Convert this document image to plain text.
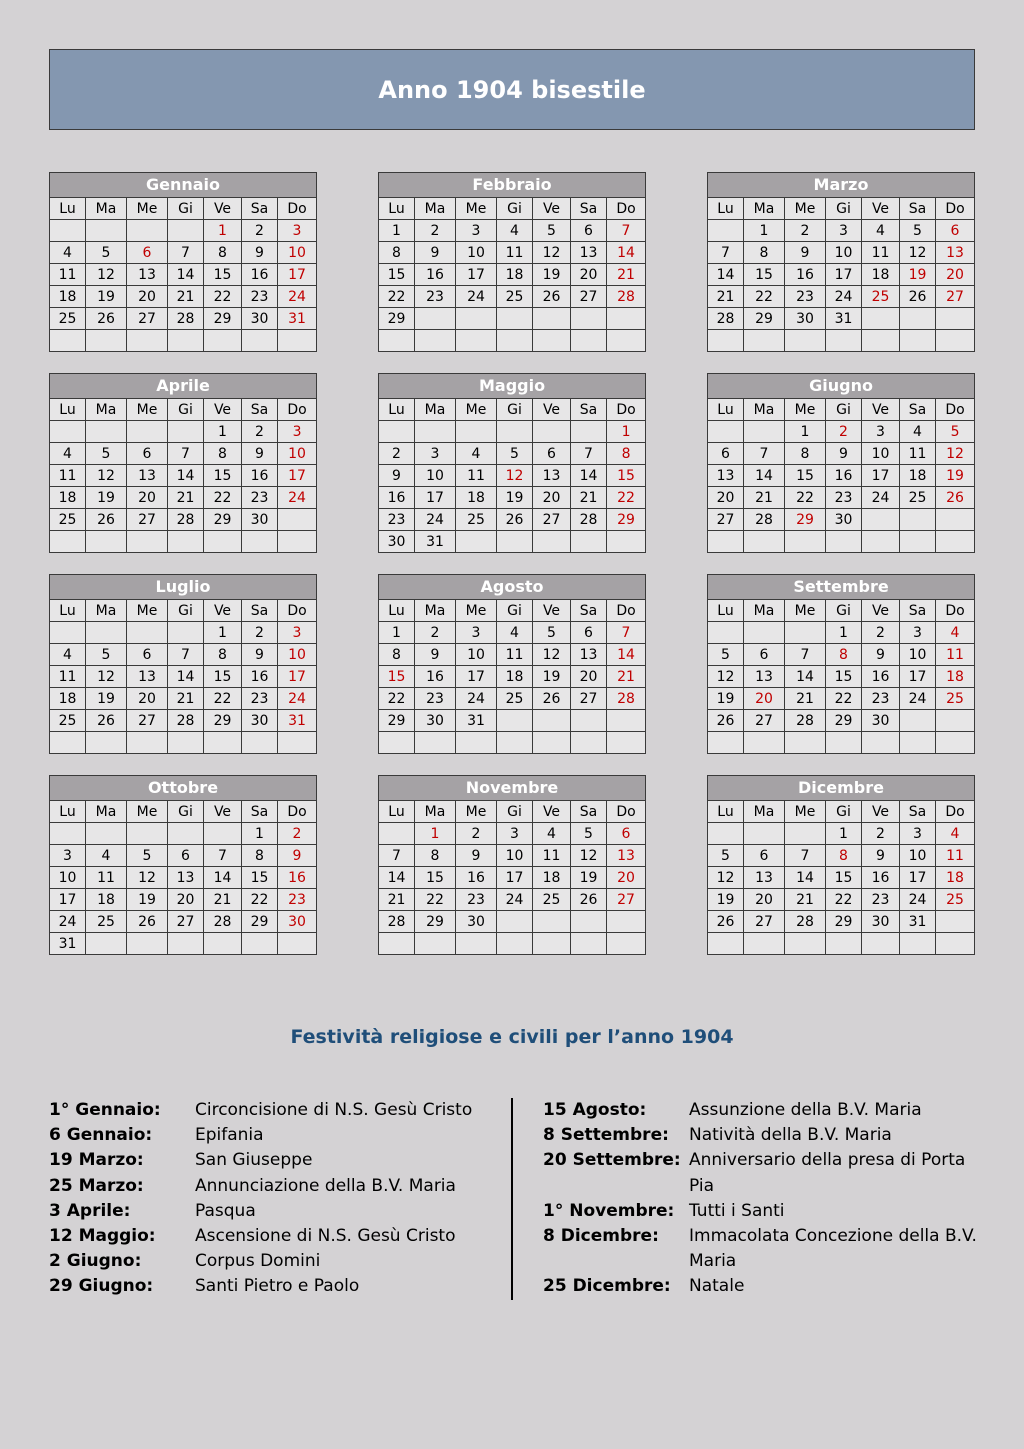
Anno 1904 bisestile
Gennaio						
Lu	Ma	Me	Gi	Ve	Sa	Do
				1	2	3
4	5	6	7	8	9	10
11	12	13	14	15	16	17
18	19	20	21	22	23	24
25	26	27	28	29	30	31

Febbraio						
Lu	Ma	Me	Gi	Ve	Sa	Do
1	2	3	4	5	6	7
8	9	10	11	12	13	14
15	16	17	18	19	20	21
22	23	24	25	26	27	28
29						

Marzo						
Lu	Ma	Me	Gi	Ve	Sa	Do
	1	2	3	4	5	6
7	8	9	10	11	12	13
14	15	16	17	18	19	20
21	22	23	24	25	26	27
28	29	30	31			

Aprile						
Lu	Ma	Me	Gi	Ve	Sa	Do
				1	2	3
4	5	6	7	8	9	10
11	12	13	14	15	16	17
18	19	20	21	22	23	24
25	26	27	28	29	30	

Maggio						
Lu	Ma	Me	Gi	Ve	Sa	Do
						1
2	3	4	5	6	7	8
9	10	11	12	13	14	15
16	17	18	19	20	21	22
23	24	25	26	27	28	29
30	31					
Giugno						
Lu	Ma	Me	Gi	Ve	Sa	Do
		1	2	3	4	5
6	7	8	9	10	11	12
13	14	15	16	17	18	19
20	21	22	23	24	25	26
27	28	29	30			

Luglio						
Lu	Ma	Me	Gi	Ve	Sa	Do
				1	2	3
4	5	6	7	8	9	10
11	12	13	14	15	16	17
18	19	20	21	22	23	24
25	26	27	28	29	30	31

Agosto						
Lu	Ma	Me	Gi	Ve	Sa	Do
1	2	3	4	5	6	7
8	9	10	11	12	13	14
15	16	17	18	19	20	21
22	23	24	25	26	27	28
29	30	31				

Settembre						
Lu	Ma	Me	Gi	Ve	Sa	Do
			1	2	3	4
5	6	7	8	9	10	11
12	13	14	15	16	17	18
19	20	21	22	23	24	25
26	27	28	29	30		

Ottobre						
Lu	Ma	Me	Gi	Ve	Sa	Do
					1	2
3	4	5	6	7	8	9
10	11	12	13	14	15	16
17	18	19	20	21	22	23
24	25	26	27	28	29	30
31						
Novembre						
Lu	Ma	Me	Gi	Ve	Sa	Do
	1	2	3	4	5	6
7	8	9	10	11	12	13
14	15	16	17	18	19	20
21	22	23	24	25	26	27
28	29	30				

Dicembre						
Lu	Ma	Me	Gi	Ve	Sa	Do
			1	2	3	4
5	6	7	8	9	10	11
12	13	14	15	16	17	18
19	20	21	22	23	24	25
26	27	28	29	30	31	

Festività religiose e civili per l’anno 1904
1° Gennaio:	Circoncisione di N.S. Gesù Cristo
6 Gennaio:	Epifania
19 Marzo:	San Giuseppe
25 Marzo:	Annunciazione della B.V. Maria
3 Aprile:	Pasqua
12 Maggio:	Ascensione di N.S. Gesù Cristo
2 Giugno:	Corpus Domini
29 Giugno:	Santi Pietro e Paolo
15 Agosto:	Assunzione della B.V. Maria
8 Settembre:	Natività della B.V. Maria
20 Settembre: Anniversario della presa di Porta
Pia
1° Novembre: Tutti i Santi
8 Dicembre:	Immacolata Concezione della B.V.
Maria
25 Dicembre:	Natale
